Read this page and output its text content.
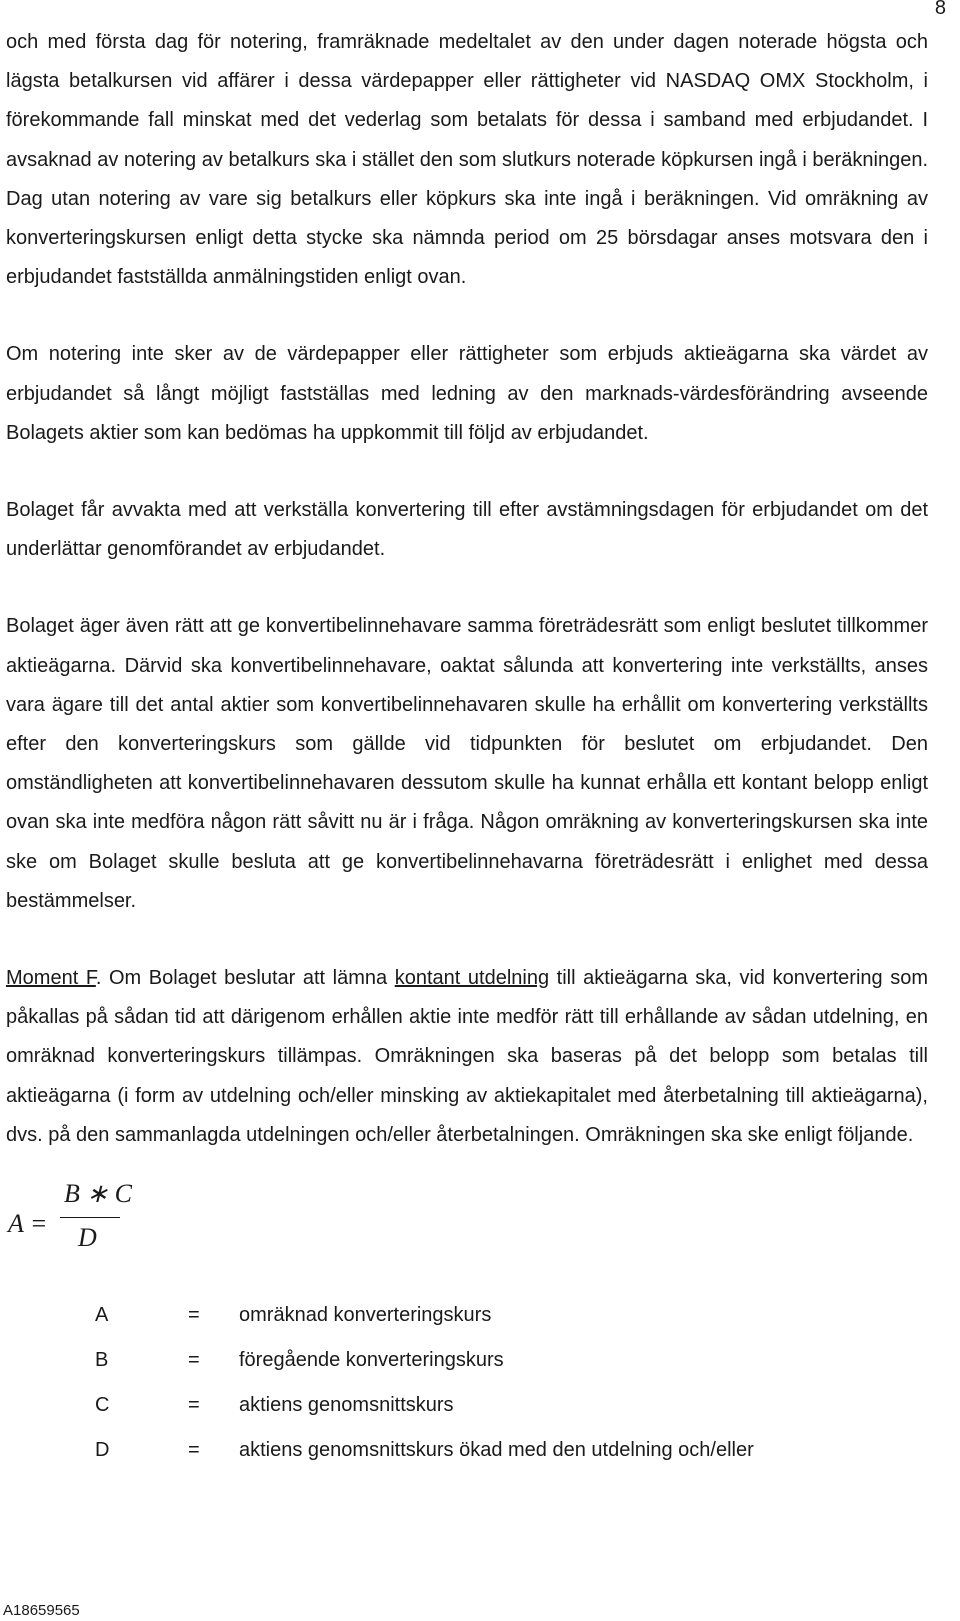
8

och med första dag för notering, framräknade medeltalet av den under dagen noterade högsta och lägsta betalkursen vid affärer i dessa värdepapper eller rättigheter vid NASDAQ OMX Stockholm, i förekommande fall minskat med det vederlag som betalats för dessa i samband med erbjudandet. I avsaknad av notering av betalkurs ska i stället den som slutkurs noterade köpkursen ingå i beräkningen. Dag utan notering av vare sig betalkurs eller köpkurs ska inte ingå i beräkningen. Vid omräkning av konverteringskursen enligt detta stycke ska nämnda period om 25 börsdagar anses motsvara den i erbjudandet fastställda anmälningstiden enligt ovan.

Om notering inte sker av de värdepapper eller rättigheter som erbjuds aktieägarna ska värdet av erbjudandet så långt möjligt fastställas med ledning av den marknads-värdesförändring avseende Bolagets aktier som kan bedömas ha uppkommit till följd av erbjudandet.

Bolaget får avvakta med att verkställa konvertering till efter avstämningsdagen för erbjudandet om det underlättar genomförandet av erbjudandet.

Bolaget äger även rätt att ge konvertibelinnehavare samma företrädesrätt som enligt beslutet tillkommer aktieägarna. Därvid ska konvertibelinnehavare, oaktat sålunda att konvertering inte verkställts, anses vara ägare till det antal aktier som konvertibelinnehavaren skulle ha erhållit om konvertering verkställts efter den konverteringskurs som gällde vid tidpunkten för beslutet om erbjudandet. Den omständligheten att konvertibelinnehavaren dessutom skulle ha kunnat erhålla ett kontant belopp enligt ovan ska inte medföra någon rätt såvitt nu är i fråga. Någon omräkning av konverteringskursen ska inte ske om Bolaget skulle besluta att ge konvertibelinnehavarna företrädesrätt i enlighet med dessa bestämmelser.

Moment F. Om Bolaget beslutar att lämna kontant utdelning till aktieägarna ska, vid konvertering som påkallas på sådan tid att därigenom erhållen aktie inte medför rätt till erhållande av sådan utdelning, en omräknad konverteringskurs tillämpas. Omräkningen ska baseras på det belopp som betalas till aktieägarna (i form av utdelning och/eller minsking av aktiekapitalet med återbetalning till aktieägarna), dvs. på den sammanlagda utdelningen och/eller återbetalningen. Omräkningen ska ske enligt följande.

A =
B ∗ C
D
A	=	omräknad konverteringskurs
B	=	föregående konverteringskurs
C	=	aktiens genomsnittskurs
D	=	aktiens genomsnittskurs ökad med den utdelning och/eller
A18659565
